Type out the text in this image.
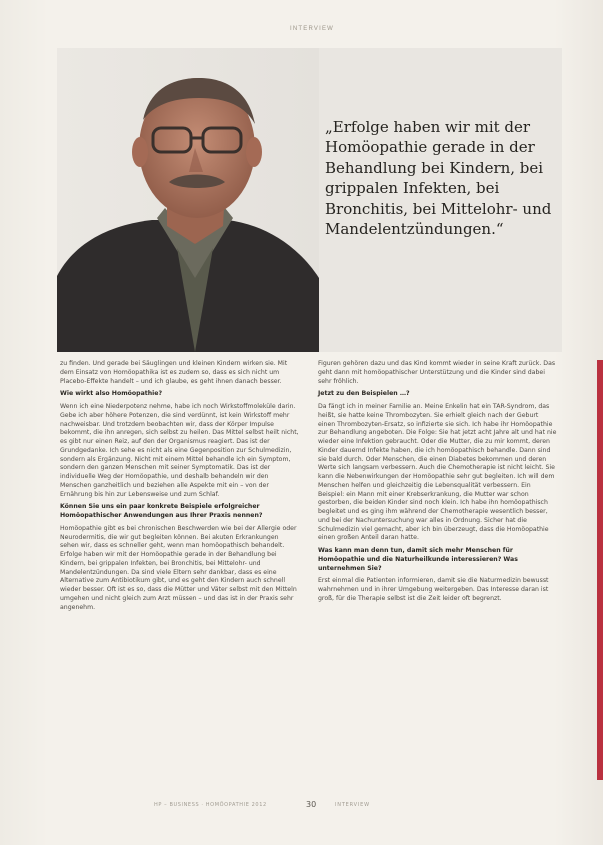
INTERVIEW

„Erfolge haben wir mit der Homöopathie gerade in der Behandlung bei Kindern, bei grippalen Infekten, bei Bronchitis, bei Mittelohr- und Mandelentzündungen.“

zu finden. Und gerade bei Säuglingen und kleinen Kindern wirken sie. Mit dem Einsatz von Homöopathika ist es zudem so, dass es sich nicht um Placebo-Effekte handelt – und ich glaube, es geht ihnen danach besser.

Wie wirkt also Homöopathie?

Wenn ich eine Niederpotenz nehme, habe ich noch Wirkstoffmoleküle darin. Gebe ich aber höhere Potenzen, die sind verdünnt, ist kein Wirkstoff mehr nachweisbar. Und trotzdem beobachten wir, dass der Körper Impulse bekommt, die ihn anregen, sich selbst zu heilen. Das Mittel selbst heilt nicht, es gibt nur einen Reiz, auf den der Organismus reagiert. Das ist der Grundgedanke. Ich sehe es nicht als eine Gegenposition zur Schulmedizin, sondern als Ergänzung. Nicht mit einem Mittel behandle ich ein Symptom, sondern den ganzen Menschen mit seiner Symptomatik. Das ist der individuelle Weg der Homöopathie, und deshalb behandeln wir den Menschen ganzheitlich und beziehen alle Aspekte mit ein – von der Ernährung bis hin zur Lebensweise und zum Schlaf.

Können Sie uns ein paar konkrete Beispiele erfolgreicher Homöopathischer Anwendungen aus Ihrer Praxis nennen?

Homöopathie gibt es bei chronischen Beschwerden wie bei der Allergie oder Neurodermitis, die wir gut begleiten können. Bei akuten Erkrankungen sehen wir, dass es schneller geht, wenn man homöopathisch behandelt. Erfolge haben wir mit der Homöopathie gerade in der Behandlung bei Kindern, bei grippalen Infekten, bei Bronchitis, bei Mittelohr- und Mandelentzündungen. Da sind viele Eltern sehr dankbar, dass es eine Alternative zum Antibiotikum gibt, und es geht den Kindern auch schnell wieder besser. Oft ist es so, dass die Mütter und Väter selbst mit den Mitteln umgehen und nicht gleich zum Arzt müssen – und das ist in der Praxis sehr angenehm.

Figuren gehören dazu und das Kind kommt wieder in seine Kraft zurück. Das geht dann mit homöopathischer Unterstützung und die Kinder sind dabei sehr fröhlich.

Jetzt zu den Beispielen …?

Da fängt ich in meiner Familie an. Meine Enkelin hat ein TAR-Syndrom, das heißt, sie hatte keine Thrombozyten. Sie erhielt gleich nach der Geburt einen Thrombozyten-Ersatz, so infizierte sie sich. Ich habe ihr Homöopathie zur Behandlung angeboten. Die Folge: Sie hat jetzt acht Jahre alt und hat nie wieder eine Infektion gebraucht. Oder die Mutter, die zu mir kommt, deren Kinder dauernd Infekte haben, die ich homöopathisch behandle. Dann sind sie bald durch. Oder Menschen, die einen Diabetes bekommen und deren Werte sich langsam verbessern. Auch die Chemotherapie ist nicht leicht. Sie kann die Nebenwirkungen der Homöopathie sehr gut begleiten. Ich will dem Menschen helfen und gleichzeitig die Lebensqualität verbessern. Ein Beispiel: ein Mann mit einer Krebserkrankung, die Mutter war schon gestorben, die beiden Kinder sind noch klein. Ich habe ihn homöopathisch begleitet und es ging ihm während der Chemotherapie wesentlich besser, und bei der Nachuntersuchung war alles in Ordnung. Sicher hat die Schulmedizin viel gemacht, aber ich bin überzeugt, dass die Homöopathie einen großen Anteil daran hatte.

Was kann man denn tun, damit sich mehr Menschen für Homöopathie und die Naturheilkunde interessieren? Was unternehmen Sie?

Erst einmal die Patienten informieren, damit sie die Naturmedizin bewusst wahrnehmen und in ihrer Umgebung weitergeben. Das Interesse daran ist groß, für die Therapie selbst ist die Zeit leider oft begrenzt.

HP – BUSINESS · HOMÖOPATHIE 2012	30	INTERVIEW
